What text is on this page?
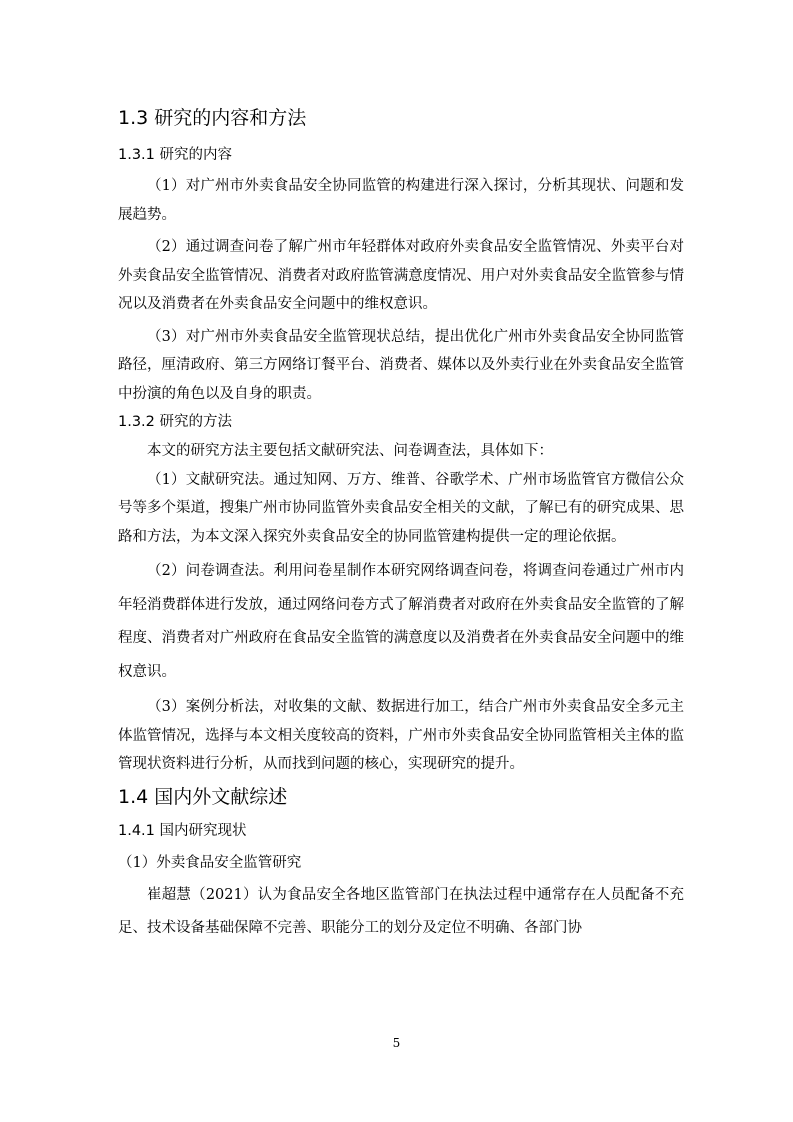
1.3 研究的内容和方法
1.3.1 研究的内容

（1）对广州市外卖食品安全协同监管的构建进行深入探讨，分析其现状、问题和发展趋势。

（2）通过调查问卷了解广州市年轻群体对政府外卖食品安全监管情况、外卖平台对外卖食品安全监管情况、消费者对政府监管满意度情况、用户对外卖食品安全监管参与情况以及消费者在外卖食品安全问题中的维权意识。

（3）对广州市外卖食品安全监管现状总结，提出优化广州市外卖食品安全协同监管路径，厘清政府、第三方网络订餐平台、消费者、媒体以及外卖行业在外卖食品安全监管中扮演的角色以及自身的职责。

1.3.2 研究的方法

本文的研究方法主要包括文献研究法、问卷调查法，具体如下：

（1）文献研究法。通过知网、万方、维普、谷歌学术、广州市场监管官方微信公众号等多个渠道，搜集广州市协同监管外卖食品安全相关的文献，了解已有的研究成果、思路和方法，为本文深入探究外卖食品安全的协同监管建构提供一定的理论依据。

（2）问卷调查法。利用问卷星制作本研究网络调查问卷，将调查问卷通过广州市内年轻消费群体进行发放，通过网络问卷方式了解消费者对政府在外卖食品安全监管的了解程度、消费者对广州政府在食品安全监管的满意度以及消费者在外卖食品安全问题中的维权意识。

（3）案例分析法，对收集的文献、数据进行加工，结合广州市外卖食品安全多元主体监管情况，选择与本文相关度较高的资料，广州市外卖食品安全协同监管相关主体的监管现状资料进行分析，从而找到问题的核心，实现研究的提升。

1.4 国内外文献综述
1.4.1 国内研究现状

（1）外卖食品安全监管研究

崔超慧（2021）认为食品安全各地区监管部门在执法过程中通常存在人员配备不充足、技术设备基础保障不完善、职能分工的划分及定位不明确、各部门协

5
